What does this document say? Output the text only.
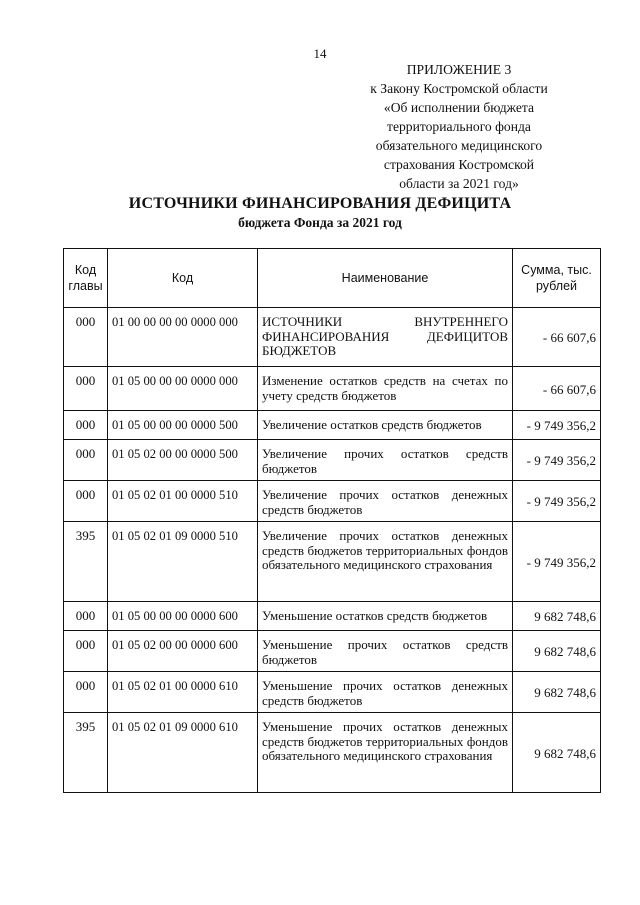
14
ПРИЛОЖЕНИЕ 3
к Закону Костромской области
«Об исполнении бюджета
территориального фонда
обязательного медицинского
страхования Костромской
области за 2021 год»
ИСТОЧНИКИ ФИНАНСИРОВАНИЯ ДЕФИЦИТА
бюджета Фонда за 2021 год
Код главы	Код	Наименование	Сумма, тыс. рублей
000	01 00 00 00 00 0000 000	ИСТОЧНИКИ ВНУТРЕННЕГО ФИНАНСИРОВАНИЯ ДЕФИЦИТОВ БЮДЖЕТОВ	- 66 607,6
000	01 05 00 00 00 0000 000	Изменение остатков средств на счетах по учету средств бюджетов	- 66 607,6
000	01 05 00 00 00 0000 500	Увеличение остатков средств бюджетов	- 9 749 356,2
000	01 05 02 00 00 0000 500	Увеличение прочих остатков средств бюджетов	- 9 749 356,2
000	01 05 02 01 00 0000 510	Увеличение прочих остатков денежных средств бюджетов	- 9 749 356,2
395	01 05 02 01 09 0000 510	Увеличение прочих остатков денежных средств бюджетов территориальных фондов обязательного медицинского страхования	- 9 749 356,2
000	01 05 00 00 00 0000 600	Уменьшение остатков средств бюджетов	9 682 748,6
000	01 05 02 00 00 0000 600	Уменьшение прочих остатков средств бюджетов	9 682 748,6
000	01 05 02 01 00 0000 610	Уменьшение прочих остатков денежных средств бюджетов	9 682 748,6
395	01 05 02 01 09 0000 610	Уменьшение прочих остатков денежных средств бюджетов территориальных фондов обязательного медицинского страхования	9 682 748,6
